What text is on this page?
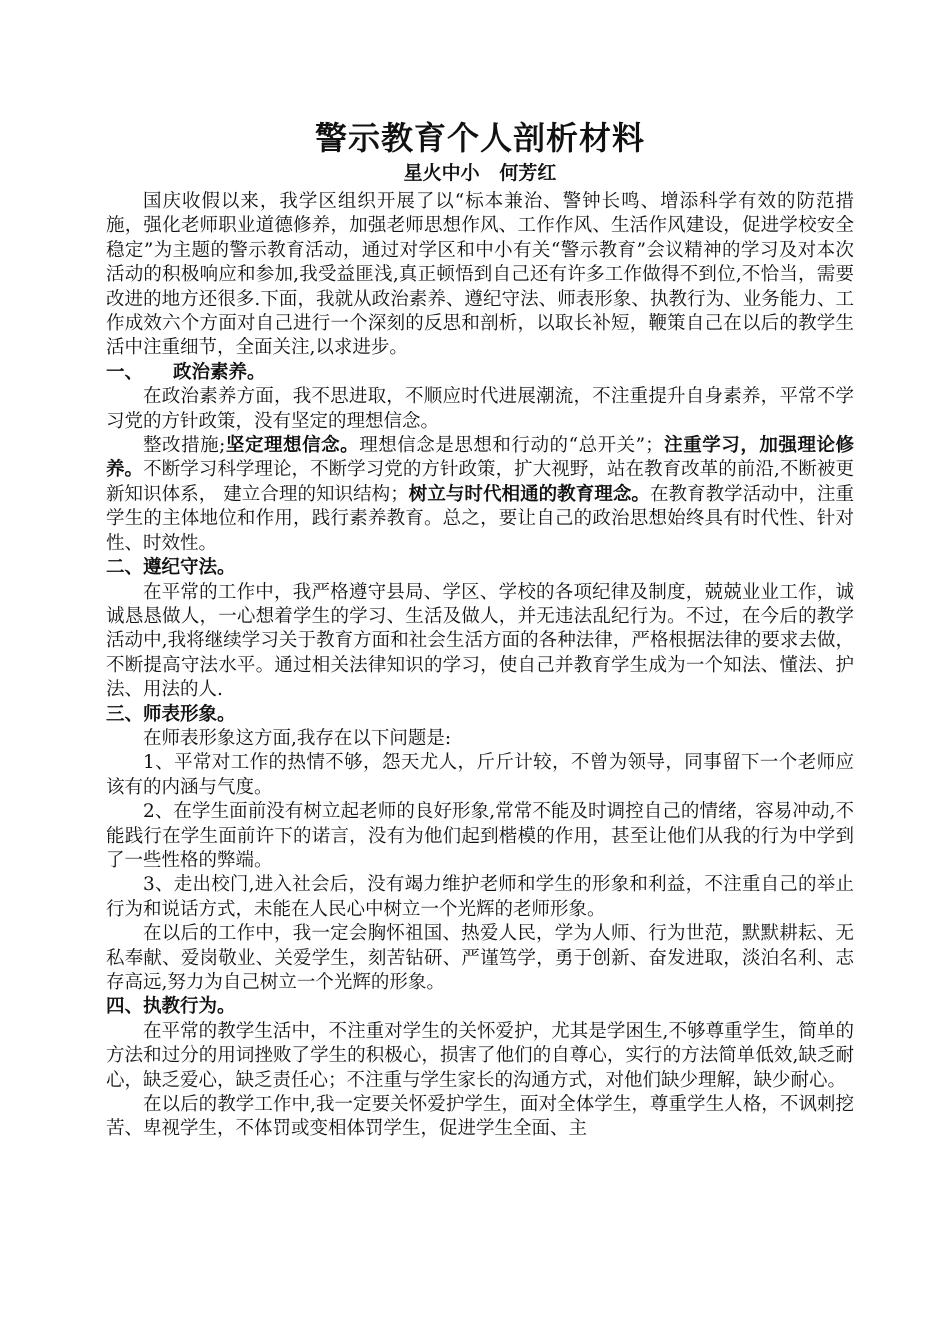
警示教育个人剖析材料
星火中小   何芳红

国庆收假以来，我学区组织开展了以“标本兼治、警钟长鸣、增添科学有效的防范措施，强化老师职业道德修养，加强老师思想作风、工作作风、生活作风建设，促进学校安全稳定”为主题的警示教育活动，通过对学区和中小有关“警示教育”会议精神的学习及对本次活动的积极响应和参加,我受益匪浅,真正顿悟到自己还有许多工作做得不到位,不恰当，需要改进的地方还很多.下面，我就从政治素养、遵纪守法、师表形象、执教行为、业务能力、工作成效六个方面对自己进行一个深刻的反思和剖析，以取长补短，鞭策自己在以后的教学生活中注重细节，全面关注,以求进步。

一、 政治素养。

在政治素养方面，我不思进取，不顺应时代进展潮流，不注重提升自身素养，平常不学习党的方针政策，没有坚定的理想信念。

整改措施;坚定理想信念。理想信念是思想和行动的“总开关”；注重学习，加强理论修养。不断学习科学理论，不断学习党的方针政策，扩大视野，站在教育改革的前沿,不断被更新知识体系， 建立合理的知识结构；树立与时代相通的教育理念。在教育教学活动中，注重学生的主体地位和作用，践行素养教育。总之，要让自己的政治思想始终具有时代性、针对性、时效性。

二、遵纪守法。

在平常的工作中，我严格遵守县局、学区、学校的各项纪律及制度，兢兢业业工作，诚诚恳恳做人，一心想着学生的学习、生活及做人，并无违法乱纪行为。不过，在今后的教学活动中,我将继续学习关于教育方面和社会生活方面的各种法律，严格根据法律的要求去做，不断提高守法水平。通过相关法律知识的学习，使自己并教育学生成为一个知法、懂法、护法、用法的人.

三、师表形象。

在师表形象这方面,我存在以下问题是:

1、平常对工作的热情不够，怨天尤人，斤斤计较，不曾为领导，同事留下一个老师应该有的内涵与气度。

2、在学生面前没有树立起老师的良好形象,常常不能及时调控自己的情绪，容易冲动,不能践行在学生面前许下的诺言，没有为他们起到楷模的作用，甚至让他们从我的行为中学到了一些性格的弊端。

3、走出校门,进入社会后，没有竭力维护老师和学生的形象和利益，不注重自己的举止行为和说话方式，未能在人民心中树立一个光辉的老师形象。

在以后的工作中，我一定会胸怀祖国、热爱人民，学为人师、行为世范，默默耕耘、无私奉献、爱岗敬业、关爱学生，刻苦钻研、严谨笃学，勇于创新、奋发进取，淡泊名利、志存高远,努力为自己树立一个光辉的形象。

四、执教行为。

在平常的教学生活中，不注重对学生的关怀爱护，尤其是学困生,不够尊重学生，简单的方法和过分的用词挫败了学生的积极心，损害了他们的自尊心，实行的方法简单低效,缺乏耐心，缺乏爱心，缺乏责任心；不注重与学生家长的沟通方式，对他们缺少理解，缺少耐心。

在以后的教学工作中,我一定要关怀爱护学生，面对全体学生，尊重学生人格，不讽刺挖苦、卑视学生，不体罚或变相体罚学生，促进学生全面、主
